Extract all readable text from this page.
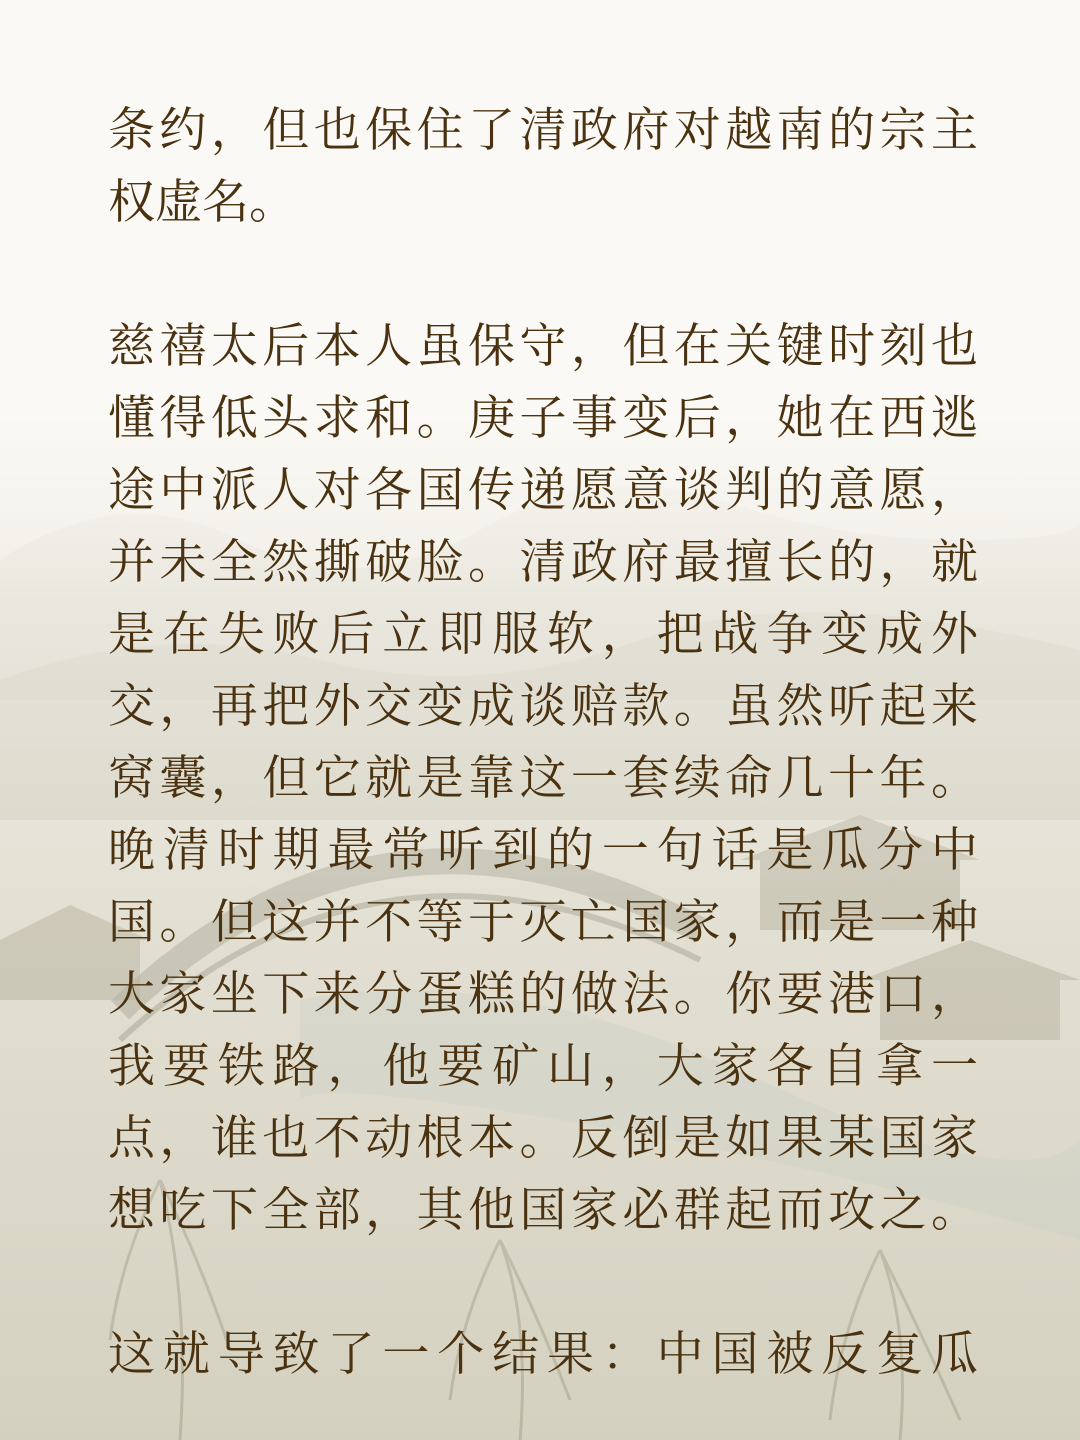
条约，但也保住了清政府对越南的宗主
权虚名。
慈禧太后本人虽保守，但在关键时刻也
懂得低头求和。庚子事变后，她在西逃
途中派人对各国传递愿意谈判的意愿，
并未全然撕破脸。清政府最擅长的，就
是在失败后立即服软，把战争变成外
交，再把外交变成谈赔款。虽然听起来
窝囊，但它就是靠这一套续命几十年。
晚清时期最常听到的一句话是瓜分中
国。但这并不等于灭亡国家，而是一种
大家坐下来分蛋糕的做法。你要港口，
我要铁路，他要矿山，大家各自拿一
点，谁也不动根本。反倒是如果某国家
想吃下全部，其他国家必群起而攻之。
这就导致了一个结果：中国被反复瓜
